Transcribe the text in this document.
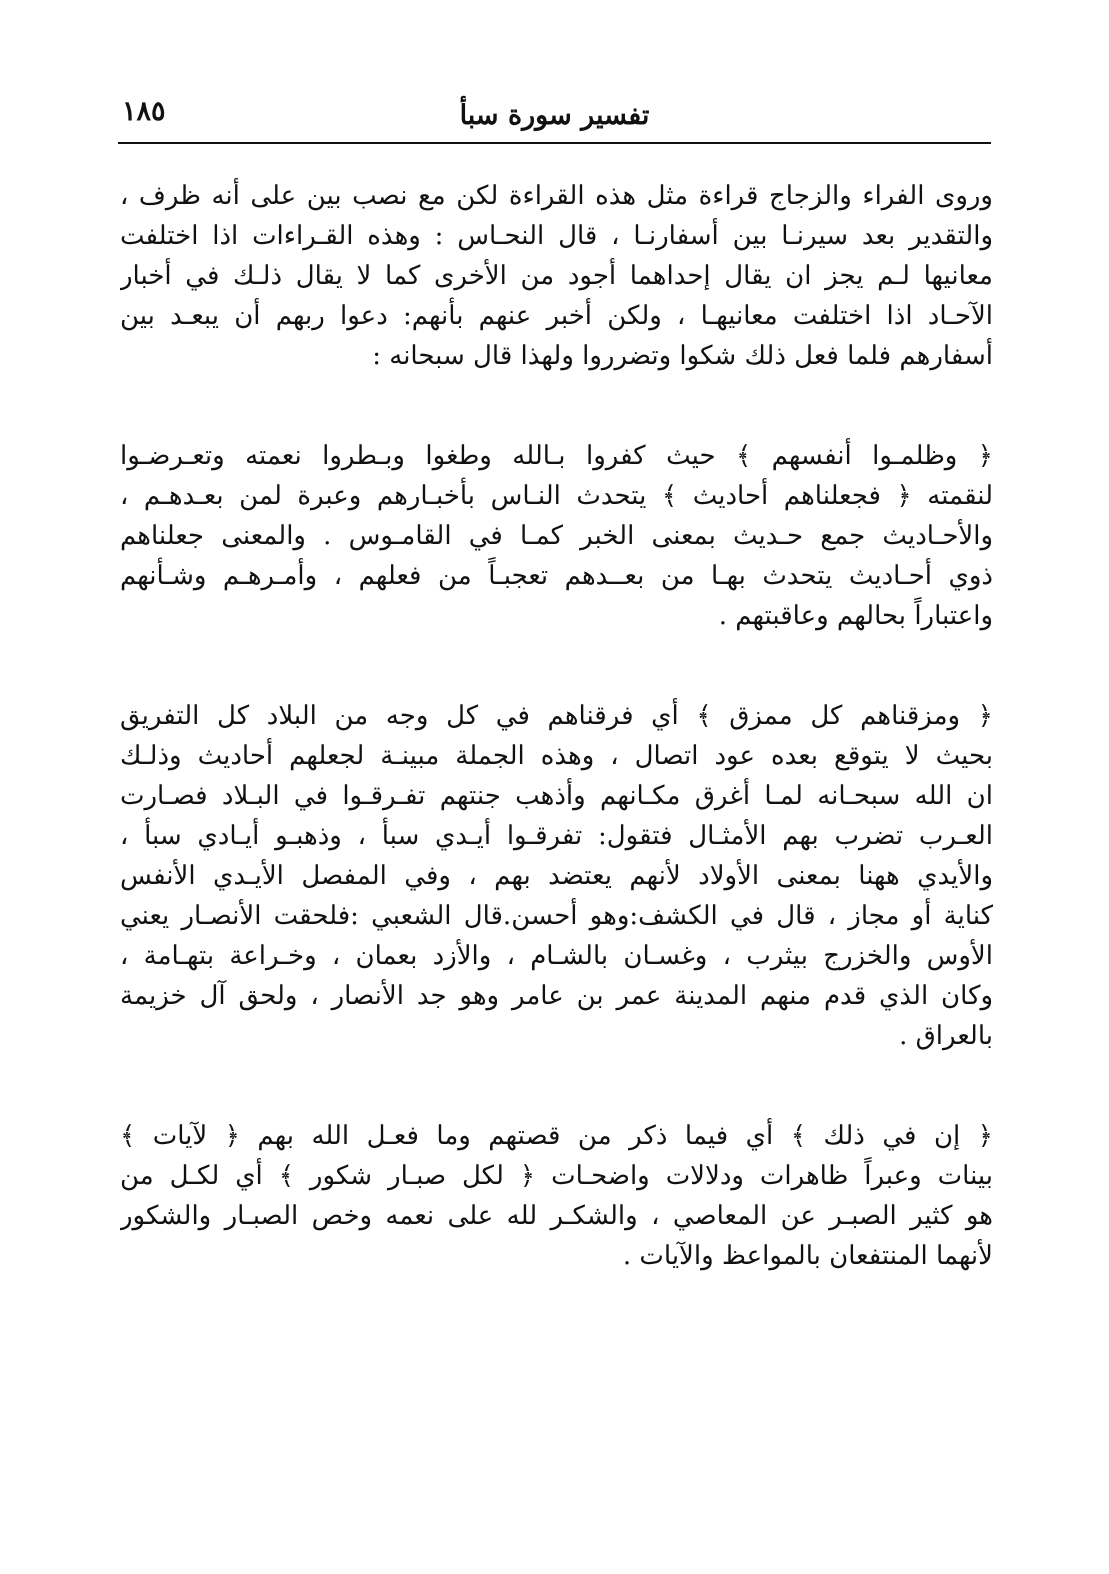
تفسير سورة سبأ
١٨٥
وروى الفراء والزجاج قراءة مثل هذه القراءة لكن مع نصب بين على أنه ظرف ،
والتقدير بعد سيرنـا بين أسفارنـا ، قال النحـاس : وهذه القـراءات اذا اختلفت
معانيها لـم يجز ان يقال إحداهما أجود من الأخرى كما لا يقال ذلـك في أخبار
الآحـاد اذا اختلفت معانيهـا ، ولكن أخبر عنهم بأنهم: دعوا ربهم أن يبعـد بين
أسفارهم فلما فعل ذلك شكوا وتضرروا ولهذا قال سبحانه :
﴿ وظلمـوا أنفسهم ﴾ حيث كفروا بـالله وطغوا وبـطروا نعمته وتعـرضـوا
لنقمته ﴿ فجعلناهم أحاديث ﴾ يتحدث النـاس بأخبـارهم وعبرة لمن بعـدهـم ،
والأحـاديث جمع حـديث بمعنى الخبر كمـا في القامـوس . والمعنى جعلناهم
ذوي أحـاديث يتحدث بهـا من بعــدهم تعجبـاً من فعلهم ، وأمـرهـم وشـأنهم
واعتباراً بحالهم وعاقبتهم .
﴿ ومزقناهم كل ممزق ﴾ أي فرقناهم في كل وجه من البلاد كل التفريق
بحيث لا يتوقع بعده عود اتصال ، وهذه الجملة مبينـة لجعلهم أحاديث وذلـك
ان الله سبحـانه لمـا أغرق مكـانهم وأذهب جنتهم تفـرقـوا في البـلاد فصـارت
العـرب تضرب بهم الأمثـال فتقول: تفرقـوا أيـدي سبأ ، وذهبـو أيـادي سبأ ،
والأيدي ههنا بمعنى الأولاد لأنهم يعتضد بهم ، وفي المفصل الأيـدي الأنفس
كناية أو مجاز ، قال في الكشف:وهو أحسن.قال الشعبي :فلحقت الأنصـار يعني
الأوس والخزرج بيثرب ، وغسـان بالشـام ، والأزد بعمان ، وخـراعة بتهـامة ،
وكان الذي قدم منهم المدينة عمر بن عامر وهو جد الأنصار ، ولحق آل خزيمة
بالعراق .
﴿ إن في ذلك ﴾ أي فيما ذكر من قصتهم وما فعـل الله بهم ﴿ لآيات ﴾
بينات وعبراً ظاهرات ودلالات واضحـات ﴿ لكل صبـار شكور ﴾ أي لكـل من
هو كثير الصبـر عن المعاصي ، والشكـر لله على نعمه وخص الصبـار والشكور
لأنهما المنتفعان بالمواعظ والآيات .
